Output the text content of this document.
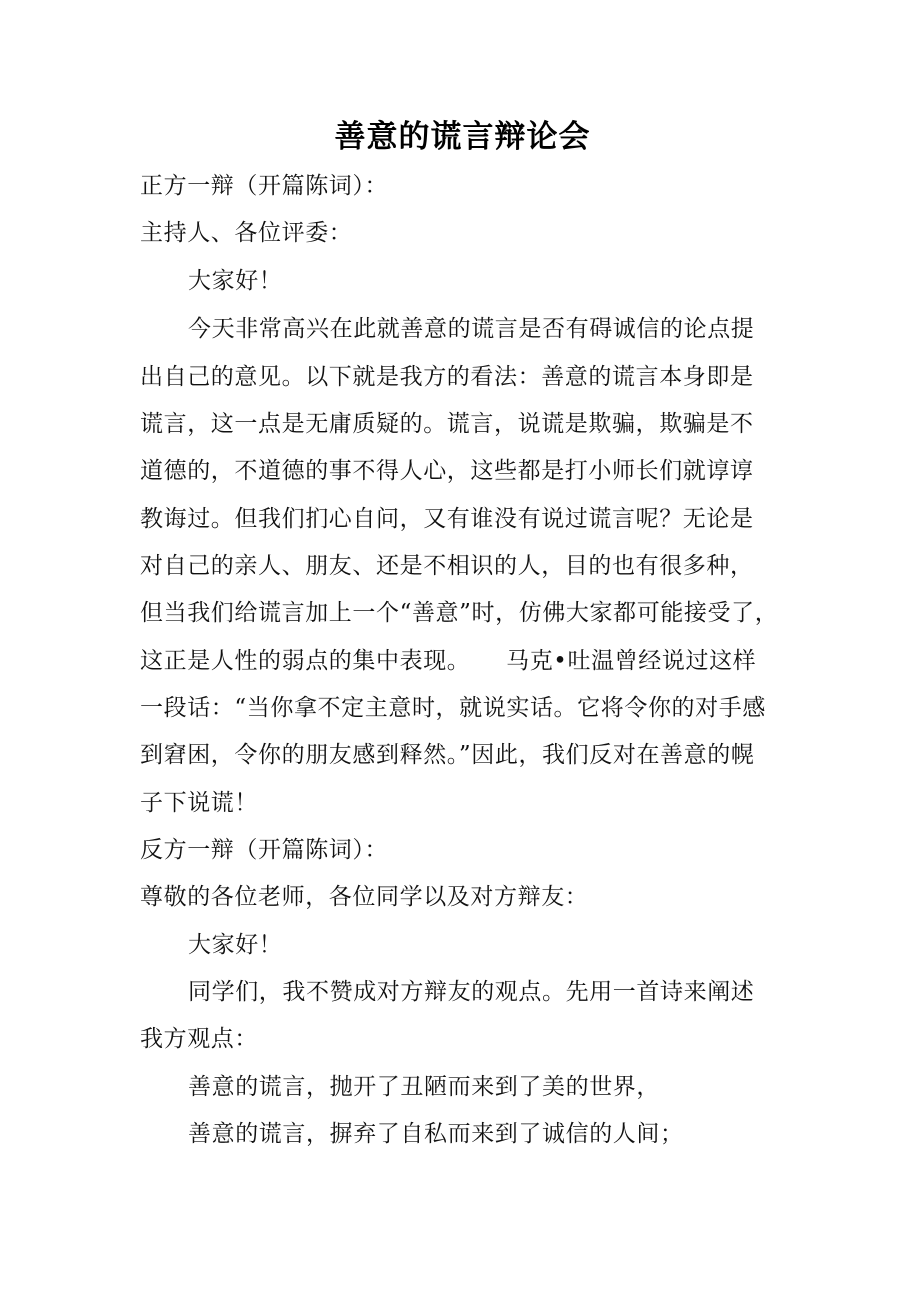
善意的谎言辩论会
正方一辩（开篇陈词）：
主持人、各位评委：
大家好！
今天非常高兴在此就善意的谎言是否有碍诚信的论点提
出自己的意见。以下就是我方的看法：善意的谎言本身即是
谎言，这一点是无庸质疑的。谎言，说谎是欺骗，欺骗是不
道德的，不道德的事不得人心，这些都是打小师长们就谆谆
教诲过。但我们扪心自问，又有谁没有说过谎言呢？无论是
对自己的亲人、朋友、还是不相识的人，目的也有很多种，
但当我们给谎言加上一个“善意”时，仿佛大家都可能接受了，
这正是人性的弱点的集中表现。　　马克•吐温曾经说过这样
一段话：“当你拿不定主意时，就说实话。它将令你的对手感
到窘困，令你的朋友感到释然。”因此，我们反对在善意的幌
子下说谎！
反方一辩（开篇陈词）：
尊敬的各位老师，各位同学以及对方辩友：
大家好！
同学们，我不赞成对方辩友的观点。先用一首诗来阐述
我方观点：
善意的谎言，抛开了丑陋而来到了美的世界，
善意的谎言，摒弃了自私而来到了诚信的人间；
